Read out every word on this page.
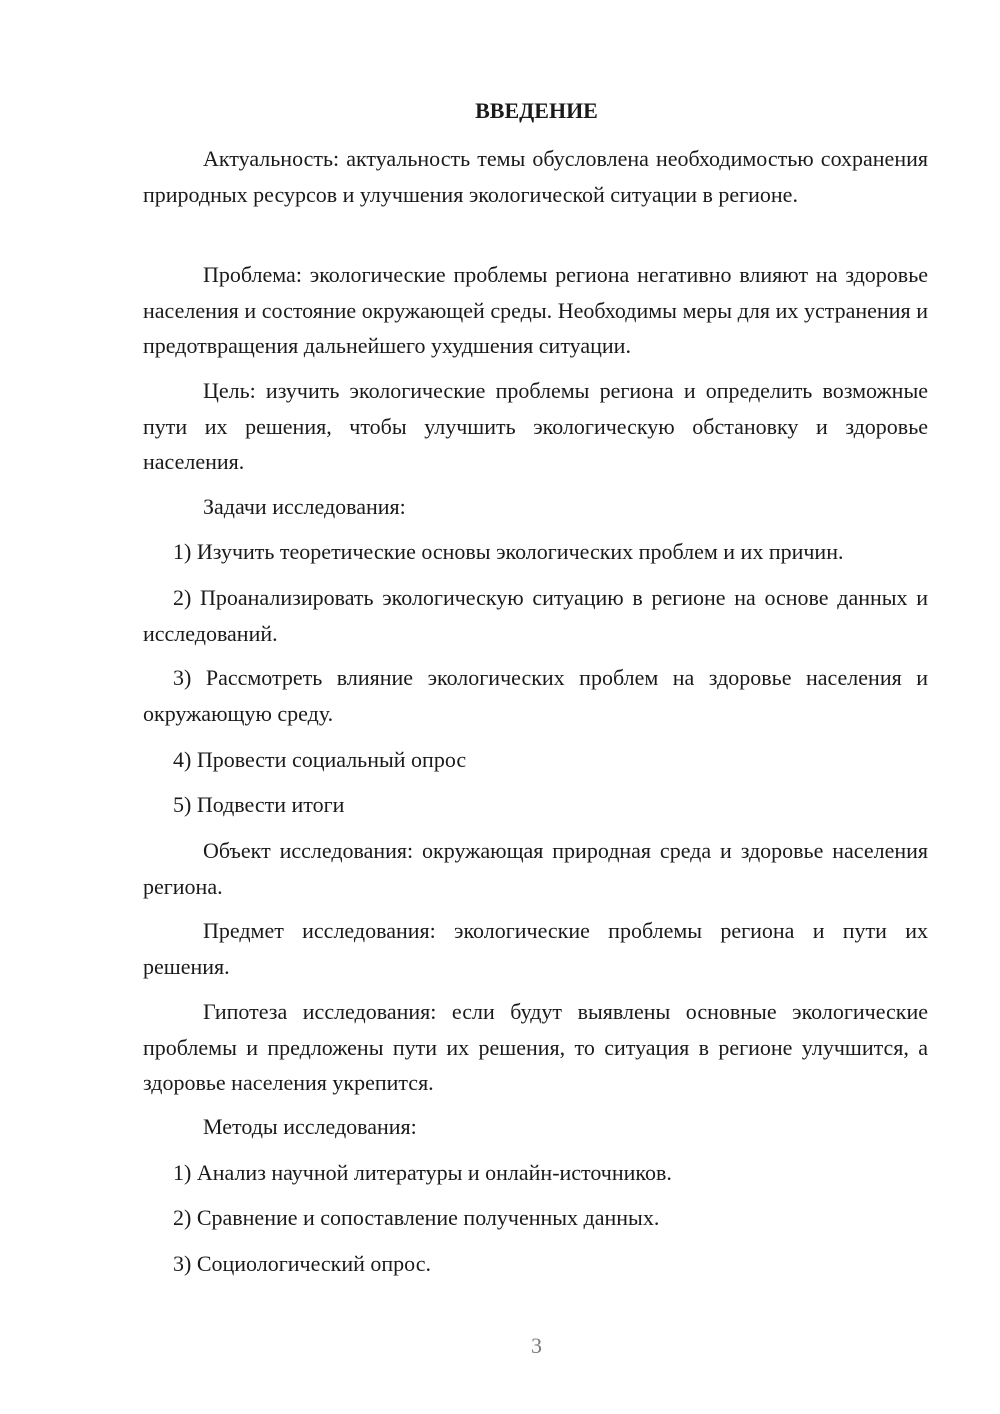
ВВЕДЕНИЕ

Актуальность: актуальность темы обусловлена необходимостью сохранения природных ресурсов и улучшения экологической ситуации в регионе.

Проблема: экологические проблемы региона негативно влияют на здоровье населения и состояние окружающей среды. Необходимы меры для их устранения и предотвращения дальнейшего ухудшения ситуации.

Цель: изучить экологические проблемы региона и определить возможные пути их решения, чтобы улучшить экологическую обстановку и здоровье населения.

Задачи исследования:

1) Изучить теоретические основы экологических проблем и их причин.

2) Проанализировать экологическую ситуацию в регионе на основе данных и исследований.

3) Рассмотреть влияние экологических проблем на здоровье населения и окружающую среду.

4) Провести социальный опрос

5) Подвести итоги

Объект исследования: окружающая природная среда и здоровье населения региона.

Предмет исследования: экологические проблемы региона и пути их решения.

Гипотеза исследования: если будут выявлены основные экологические проблемы и предложены пути их решения, то ситуация в регионе улучшится, а здоровье населения укрепится.

Методы исследования:

1) Анализ научной литературы и онлайн-источников.

2) Сравнение и сопоставление полученных данных.

3) Социологический опрос.

3
